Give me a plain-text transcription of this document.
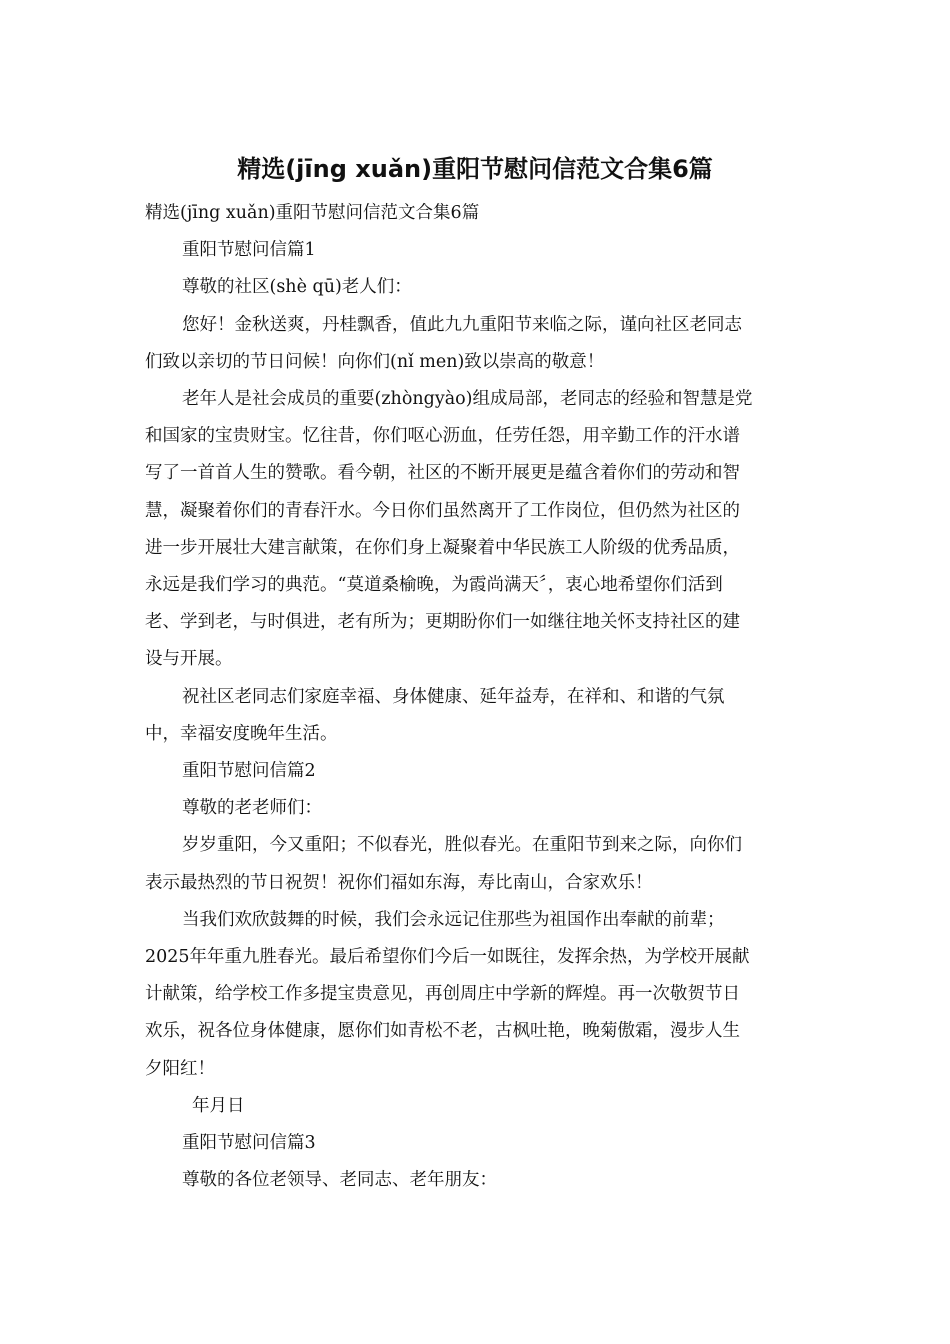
精选(jīng xuǎn)重阳节慰问信范文合集6篇

精选(jīng xuǎn)重阳节慰问信范文合集6篇

重阳节慰问信篇1

尊敬的社区(shè qū)老人们：

您好！金秋送爽，丹桂飘香，值此九九重阳节来临之际，谨向社区老同志

们致以亲切的节日问候！向你们(nǐ men)致以崇高的敬意！

老年人是社会成员的重要(zhòngyào)组成局部，老同志的经验和智慧是党

和国家的宝贵财宝。忆往昔，你们呕心沥血，任劳任怨，用辛勤工作的汗水谱

写了一首首人生的赞歌。看今朝，社区的不断开展更是蕴含着你们的劳动和智

慧，凝聚着你们的青春汗水。今日你们虽然离开了工作岗位，但仍然为社区的

进一步开展壮大建言献策，在你们身上凝聚着中华民族工人阶级的优秀品质，

永远是我们学习的典范。“莫道桑榆晚，为霞尚满天〞，衷心地希望你们活到

老、学到老，与时俱进，老有所为；更期盼你们一如继往地关怀支持社区的建

设与开展。

祝社区老同志们家庭幸福、身体健康、延年益寿，在祥和、和谐的气氛

中，幸福安度晚年生活。

重阳节慰问信篇2

尊敬的老老师们：

岁岁重阳，今又重阳；不似春光，胜似春光。在重阳节到来之际，向你们

表示最热烈的节日祝贺！祝你们福如东海，寿比南山，合家欢乐！

当我们欢欣鼓舞的时候，我们会永远记住那些为祖国作出奉献的前辈；

2025年年重九胜春光。最后希望你们今后一如既往，发挥余热，为学校开展献

计献策，给学校工作多提宝贵意见，再创周庄中学新的辉煌。再一次敬贺节日

欢乐，祝各位身体健康，愿你们如青松不老，古枫吐艳，晚菊傲霜，漫步人生

夕阳红！

年月日

重阳节慰问信篇3

尊敬的各位老领导、老同志、老年朋友：
